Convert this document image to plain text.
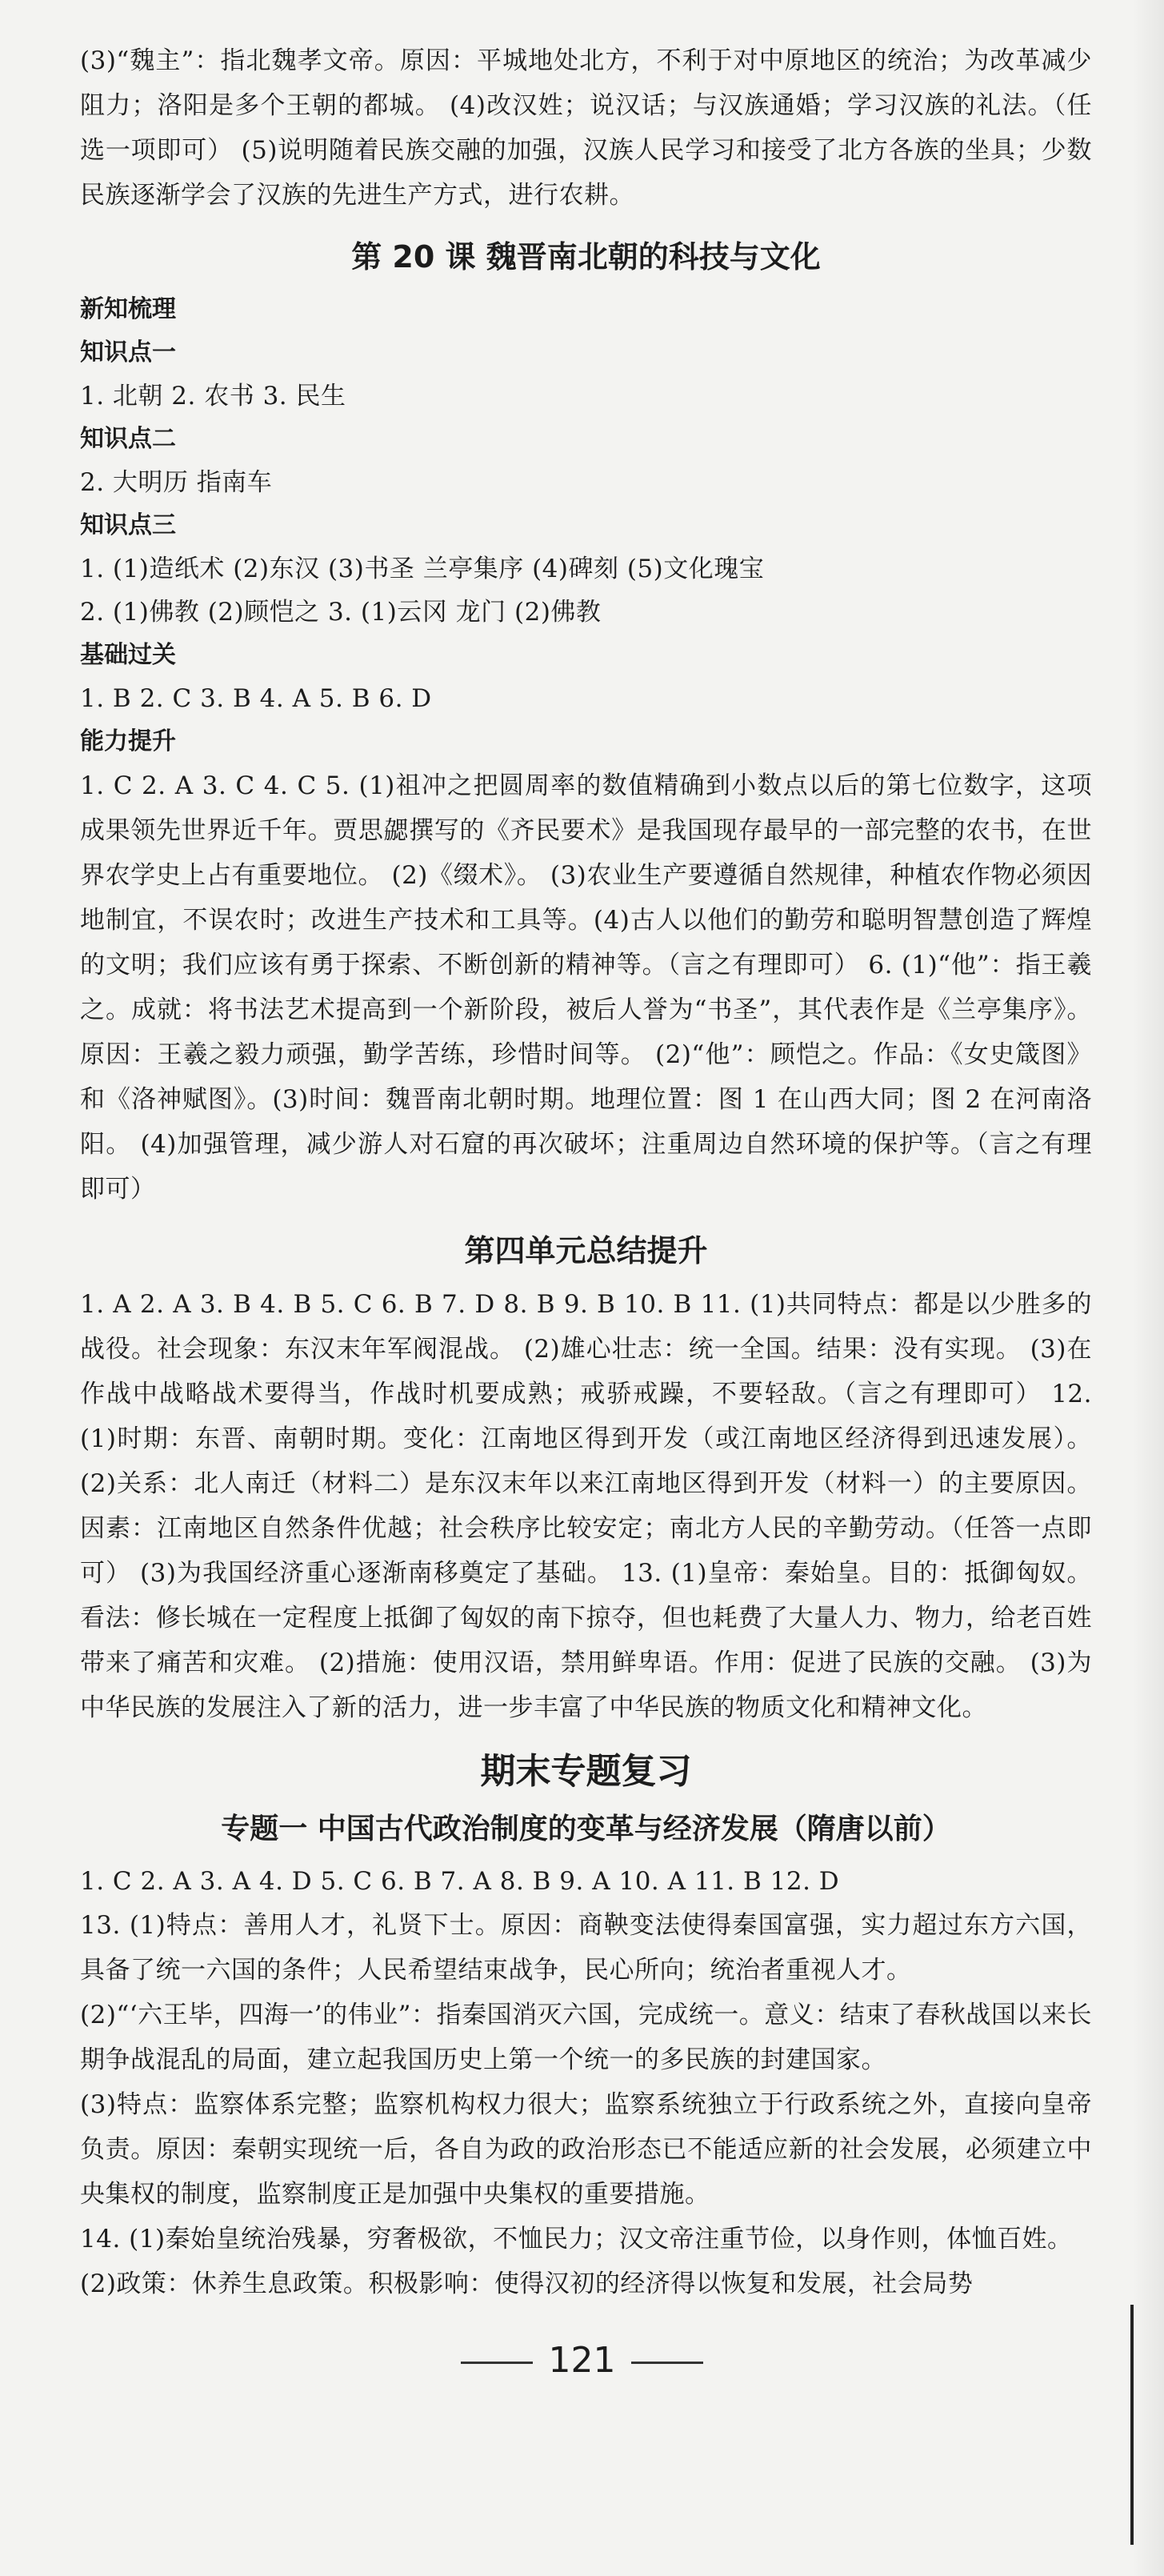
(3)“魏主”：指北魏孝文帝。原因：平城地处北方，不利于对中原地区的统治；为改革减少阻力；洛阳是多个王朝的都城。 (4)改汉姓；说汉话；与汉族通婚；学习汉族的礼法。（任选一项即可） (5)说明随着民族交融的加强，汉族人民学习和接受了北方各族的坐具；少数民族逐渐学会了汉族的先进生产方式，进行农耕。

第 20 课 魏晋南北朝的科技与文化
新知梳理
知识点一
1. 北朝 2. 农书 3. 民生
知识点二
2. 大明历 指南车
知识点三
1. (1)造纸术 (2)东汉 (3)书圣 兰亭集序 (4)碑刻 (5)文化瑰宝
2. (1)佛教 (2)顾恺之 3. (1)云冈 龙门 (2)佛教
基础过关
1. B 2. C 3. B 4. A 5. B 6. D
能力提升

1. C 2. A 3. C 4. C 5. (1)祖冲之把圆周率的数值精确到小数点以后的第七位数字，这项成果领先世界近千年。贾思勰撰写的《齐民要术》是我国现存最早的一部完整的农书，在世界农学史上占有重要地位。 (2)《缀术》。 (3)农业生产要遵循自然规律，种植农作物必须因地制宜，不误农时；改进生产技术和工具等。(4)古人以他们的勤劳和聪明智慧创造了辉煌的文明；我们应该有勇于探索、不断创新的精神等。（言之有理即可） 6. (1)“他”：指王羲之。成就：将书法艺术提高到一个新阶段，被后人誉为“书圣”，其代表作是《兰亭集序》。原因：王羲之毅力顽强，勤学苦练，珍惜时间等。 (2)“他”：顾恺之。作品：《女史箴图》和《洛神赋图》。(3)时间：魏晋南北朝时期。地理位置：图 1 在山西大同；图 2 在河南洛阳。 (4)加强管理，减少游人对石窟的再次破坏；注重周边自然环境的保护等。（言之有理即可）

第四单元总结提升

1. A 2. A 3. B 4. B 5. C 6. B 7. D 8. B 9. B 10. B 11. (1)共同特点：都是以少胜多的战役。社会现象：东汉末年军阀混战。 (2)雄心壮志：统一全国。结果：没有实现。 (3)在作战中战略战术要得当，作战时机要成熟；戒骄戒躁，不要轻敌。（言之有理即可） 12. (1)时期：东晋、南朝时期。变化：江南地区得到开发（或江南地区经济得到迅速发展）。 (2)关系：北人南迁（材料二）是东汉末年以来江南地区得到开发（材料一）的主要原因。因素：江南地区自然条件优越；社会秩序比较安定；南北方人民的辛勤劳动。（任答一点即可） (3)为我国经济重心逐渐南移奠定了基础。 13. (1)皇帝：秦始皇。目的：抵御匈奴。看法：修长城在一定程度上抵御了匈奴的南下掠夺，但也耗费了大量人力、物力，给老百姓带来了痛苦和灾难。 (2)措施：使用汉语，禁用鲜卑语。作用：促进了民族的交融。 (3)为中华民族的发展注入了新的活力，进一步丰富了中华民族的物质文化和精神文化。

期末专题复习
专题一 中国古代政治制度的变革与经济发展（隋唐以前）
1. C 2. A 3. A 4. D 5. C 6. B 7. A 8. B 9. A 10. A 11. B 12. D

13. (1)特点：善用人才，礼贤下士。原因：商鞅变法使得秦国富强，实力超过东方六国，具备了统一六国的条件；人民希望结束战争，民心所向；统治者重视人才。

(2)“‘六王毕，四海一’的伟业”：指秦国消灭六国，完成统一。意义：结束了春秋战国以来长期争战混乱的局面，建立起我国历史上第一个统一的多民族的封建国家。

(3)特点：监察体系完整；监察机构权力很大；监察系统独立于行政系统之外，直接向皇帝负责。原因：秦朝实现统一后，各自为政的政治形态已不能适应新的社会发展，必须建立中央集权的制度，监察制度正是加强中央集权的重要措施。

14. (1)秦始皇统治残暴，穷奢极欲，不恤民力；汉文帝注重节俭，以身作则，体恤百姓。

(2)政策：休养生息政策。积极影响：使得汉初的经济得以恢复和发展，社会局势

121
